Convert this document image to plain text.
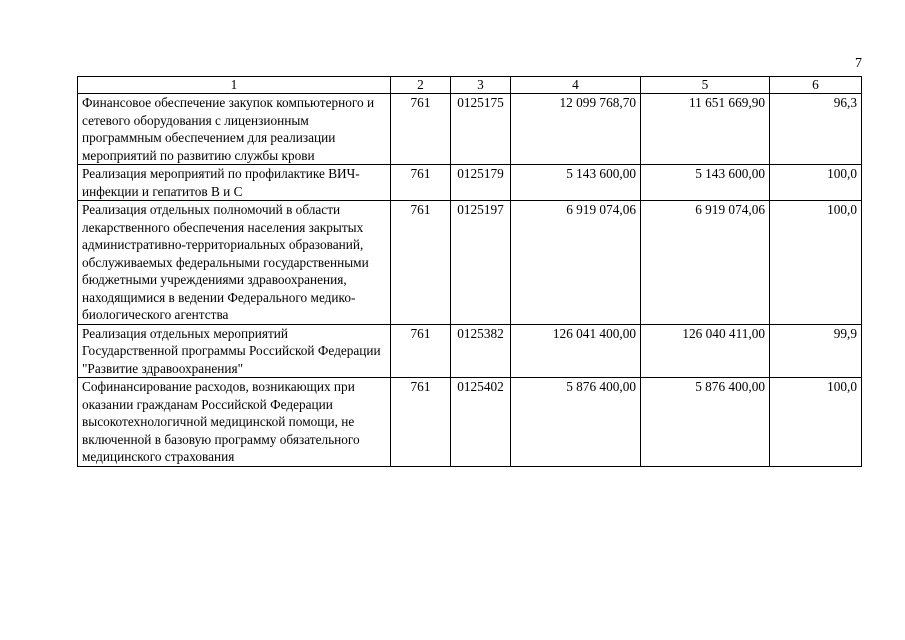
7
1	2	3	4	5	6
Финансовое обеспечение закупок компьютерного и сетевого оборудования с лицензионным программным обеспечением для реализации мероприятий по развитию службы крови	761	0125175	12 099 768,70	11 651 669,90	96,3
Реализация мероприятий по профилактике ВИЧ-инфекции и гепатитов В и С	761	0125179	5 143 600,00	5 143 600,00	100,0
Реализация отдельных полномочий в области лекарственного обеспечения населения закрытых административно-территориальных образований, обслуживаемых федеральными государственными бюджетными учреждениями здравоохранения, находящимися в ведении Федерального медико-биологического агентства	761	0125197	6 919 074,06	6 919 074,06	100,0
Реализация отдельных мероприятий Государственной программы Российской Федерации "Развитие здравоохранения"	761	0125382	126 041 400,00	126 040 411,00	99,9
Софинансирование расходов, возникающих при оказании гражданам Российской Федерации высокотехнологичной медицинской помощи, не включенной в базовую программу обязательного медицинского страхования	761	0125402	5 876 400,00	5 876 400,00	100,0
